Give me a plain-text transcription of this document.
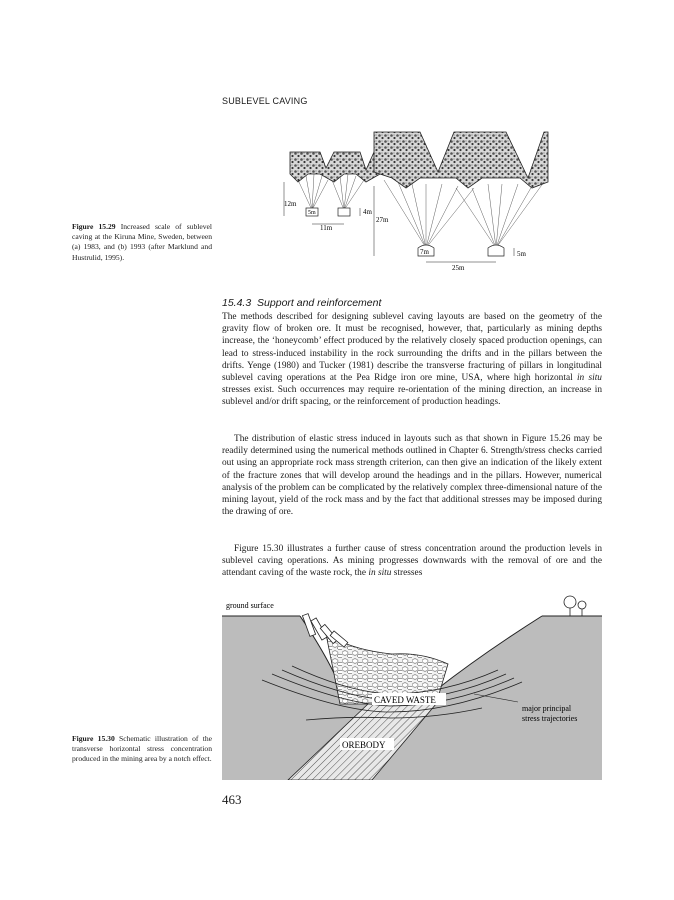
SUBLEVEL CAVING
Figure 15.29 Increased scale of sublevel caving at the Kiruna Mine, Sweden, between (a) 1983, and (b) 1993 (after Marklund and Hustrulid, 1995).
12m
5m	4m
11m
27m
7m	5m
25m
15.4.3 Support and reinforcement

The methods described for designing sublevel caving layouts are based on the geometry of the gravity flow of broken ore. It must be recognised, however, that, particularly as mining depths increase, the ‘honeycomb’ effect produced by the relatively closely spaced production openings, can lead to stress-induced instability in the rock surrounding the drifts and in the pillars between the drifts. Yenge (1980) and Tucker (1981) describe the transverse fracturing of pillars in longitudinal sublevel caving operations at the Pea Ridge iron ore mine, USA, where high horizontal in situ stresses exist. Such occurrences may require re-orientation of the mining direction, an increase in sublevel and/or drift spacing, or the reinforcement of production headings.

The distribution of elastic stress induced in layouts such as that shown in Figure 15.26 may be readily determined using the numerical methods outlined in Chapter 6. Strength/stress checks carried out using an appropriate rock mass strength criterion, can then give an indication of the likely extent of the fracture zones that will develop around the headings and in the pillars. However, numerical analysis of the problem can be complicated by the relatively complex three-dimensional nature of the mining layout, yield of the rock mass and by the fact that additional stresses may be imposed during the drawing of ore.

Figure 15.30 illustrates a further cause of stress concentration around the production levels in sublevel caving operations. As mining progresses downwards with the removal of ore and the attendant caving of the waste rock, the in situ stresses

ground surface
CAVED WASTE
OREBODY
major principal
stress trajectories
Figure 15.30 Schematic illustration of the transverse horizontal stress concentration produced in the mining area by a notch effect.
463
